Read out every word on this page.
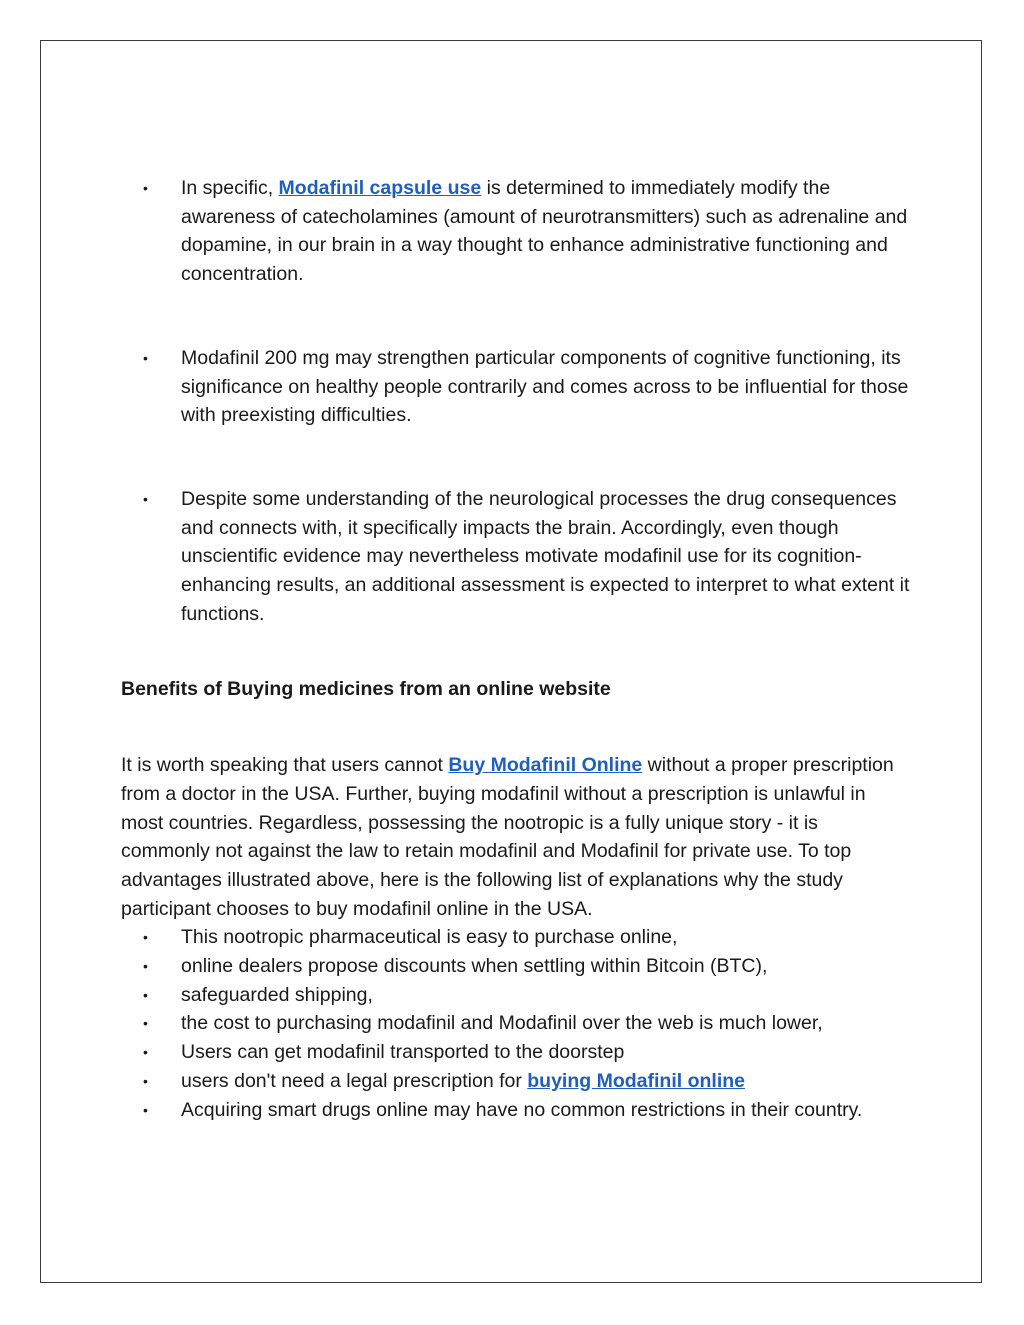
• In specific, Modafinil capsule use is determined to immediately modify the awareness of catecholamines (amount of neurotransmitters) such as adrenaline and dopamine, in our brain in a way thought to enhance administrative functioning and concentration.
• Modafinil 200 mg may strengthen particular components of cognitive functioning, its significance on healthy people contrarily and comes across to be influential for those with preexisting difficulties.
• Despite some understanding of the neurological processes the drug consequences and connects with, it specifically impacts the brain. Accordingly, even though unscientific evidence may nevertheless motivate modafinil use for its cognition-enhancing results, an additional assessment is expected to interpret to what extent it functions.
Benefits of Buying medicines from an online website
It is worth speaking that users cannot Buy Modafinil Online without a proper prescription from a doctor in the USA. Further, buying modafinil without a prescription is unlawful in most countries. Regardless, possessing the nootropic is a fully unique story - it is commonly not against the law to retain modafinil and Modafinil for private use. To top advantages illustrated above, here is the following list of explanations why the study participant chooses to buy modafinil online in the USA.
• This nootropic pharmaceutical is easy to purchase online,
• online dealers propose discounts when settling within Bitcoin (BTC),
• safeguarded shipping,
• the cost to purchasing modafinil and Modafinil over the web is much lower,
• Users can get modafinil transported to the doorstep
• users don't need a legal prescription for buying Modafinil online
• Acquiring smart drugs online may have no common restrictions in their country.
